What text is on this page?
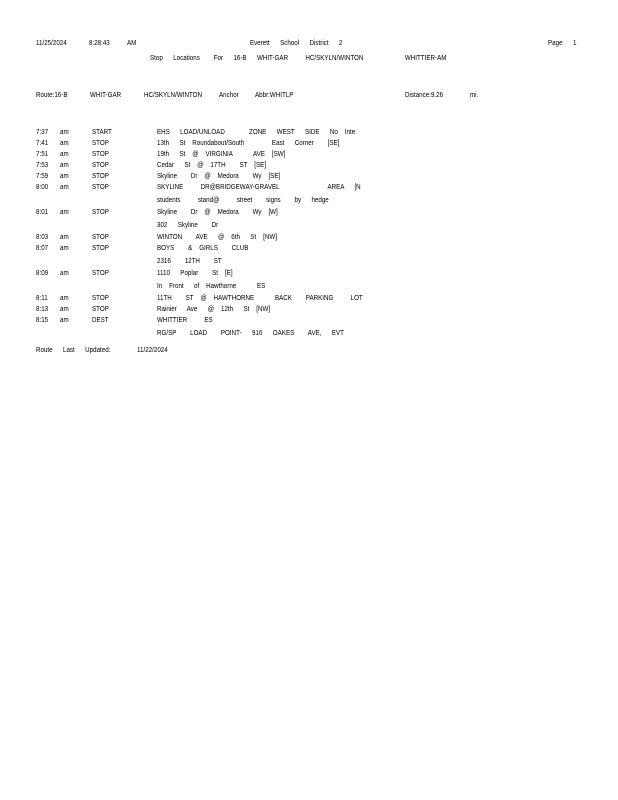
11/25/2024	8:28:43 AM	Everett      School      District      2	Page 1
Stop      Locations        For      16-B      WHIT-GAR          HC/SKYLN/WINTON                        WHITTIER-AM
Route:16-B	WHIT-GAR	HC/SKYLN/WINTON Anchor Abbr:WHITLP	Distance:9.26	mi.
7:37 am	START	EHS      LOAD/UNLOAD              ZONE      WEST      SIDE      No    Inte
7:41 am	STOP	13th      St    Roundabout/South                East      Corner        [SE]
7:51 am	STOP	19th      St    @    VIRGINIA            AVE    [SW]
7:53 am	STOP	Cedar      St    @    17TH        ST    [SE]
7:59 am	STOP	Skyline        Dr    @    Medora        Wy    [SE]
8:00 am	STOP	SKYLINE          DR@BRIDGEWAY-GRAVEL                            AREA      [N
students          stand@          street        signs        by      hedge
8:01 am	STOP	Skyline        Dr    @    Medora        Wy    [W]
302      Skyline        Dr
8:03 am	STOP	WINTON        AVE      @    6th      St    [NW]
8:07 am	STOP	BOYS        &    GIRLS        CLUB
2316        12TH        ST
8:09 am	STOP	1110      Poplar        St    [E]
In    Front      of    Hawthorne            ES
8:11 am	STOP	11TH        ST    @    HAWTHORNE            BACK        PARKING          LOT
8:13 am	STOP	Rainier      Ave      @    12th      St    [NW]
8:15 am	DEST	WHITTIER          ES
RG/SP        LOAD        POINT-      916      OAKES        AVE,      EVT
Route      Last      Updated:	11/22/2024
